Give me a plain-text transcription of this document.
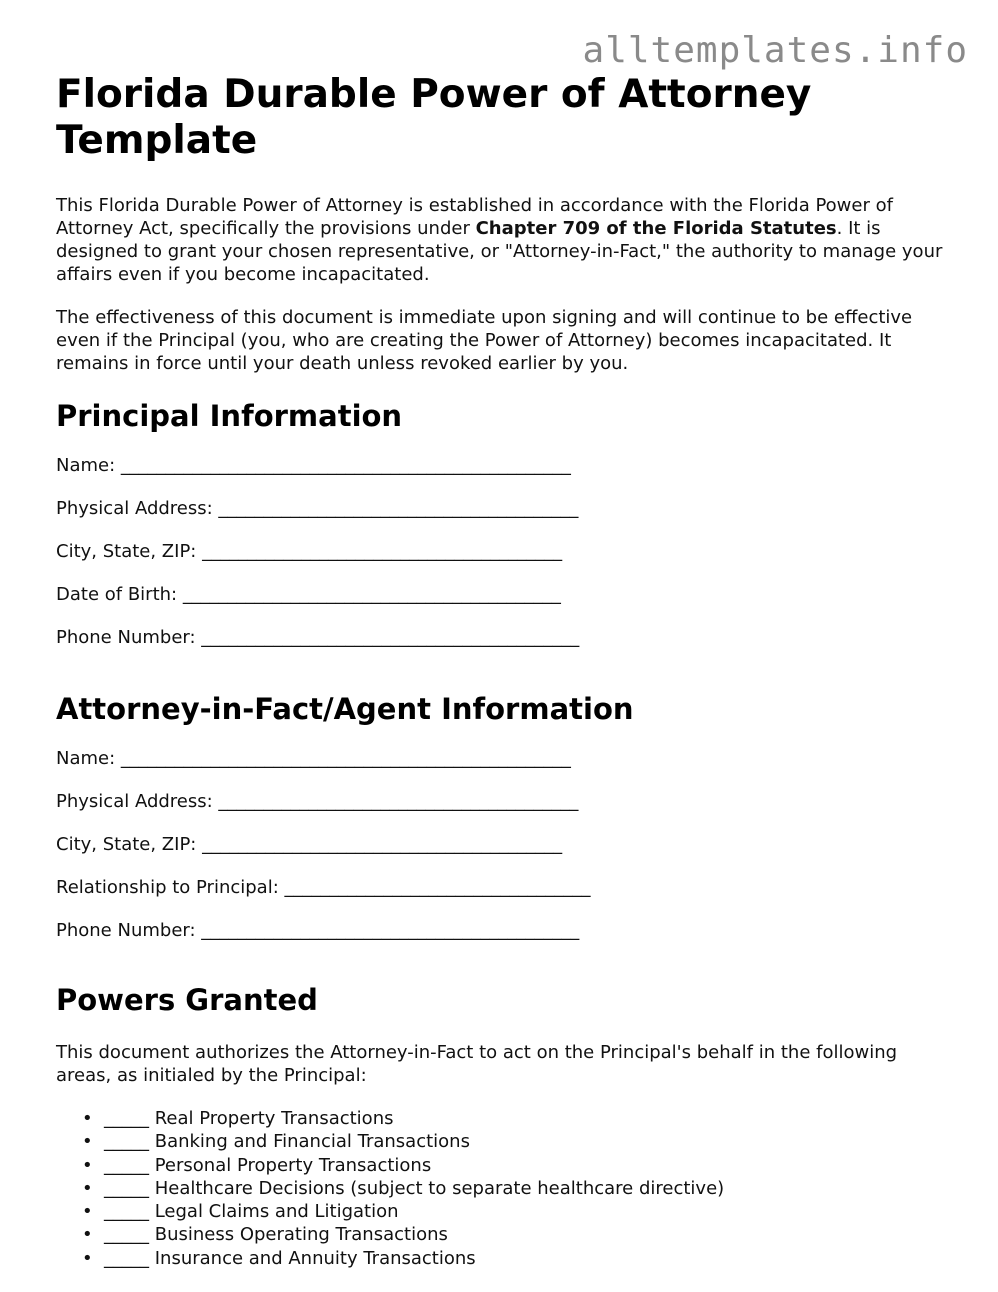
alltemplates.info
Florida Durable Power of Attorney Template

This Florida Durable Power of Attorney is established in accordance with the Florida Power of Attorney Act, specifically the provisions under Chapter 709 of the Florida Statutes. It is designed to grant your chosen representative, or "Attorney-in-Fact," the authority to manage your affairs even if you become incapacitated.

The effectiveness of this document is immediate upon signing and will continue to be effective even if the Principal (you, who are creating the Power of Attorney) becomes incapacitated. It remains in force until your death unless revoked earlier by you.

Principal Information
Name: __________________________________________________
Physical Address: ________________________________________
City, State, ZIP: ________________________________________
Date of Birth: __________________________________________
Phone Number: __________________________________________
Attorney-in-Fact/Agent Information
Name: __________________________________________________
Physical Address: ________________________________________
City, State, ZIP: ________________________________________
Relationship to Principal: __________________________________
Phone Number: __________________________________________
Powers Granted

This document authorizes the Attorney-in-Fact to act on the Principal's behalf in the following areas, as initialed by the Principal:

• _____ Real Property Transactions
• _____ Banking and Financial Transactions
• _____ Personal Property Transactions
• _____ Healthcare Decisions (subject to separate healthcare directive)
• _____ Legal Claims and Litigation
• _____ Business Operating Transactions
• _____ Insurance and Annuity Transactions
